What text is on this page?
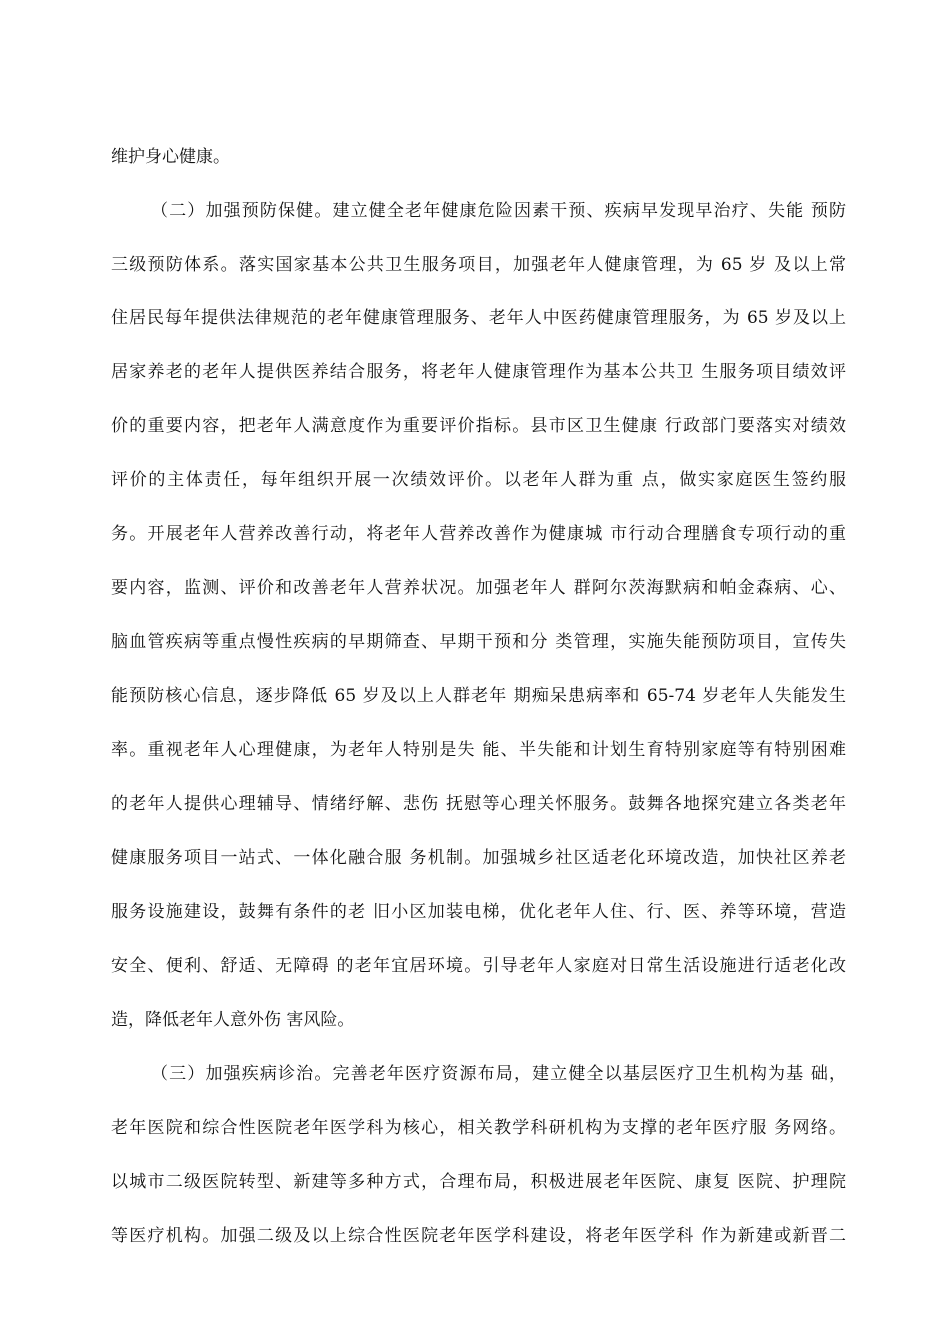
维护身心健康。
（二）加强预防保健。建立健全老年健康危险因素干预、疾病早发现早治疗、失能 预防
三级预防体系。落实国家基本公共卫生服务项目，加强老年人健康管理，为 65 岁 及以上常
住居民每年提供法律规范的老年健康管理服务、老年人中医药健康管理服务，为 65 岁及以上
居家养老的老年人提供医养结合服务，将老年人健康管理作为基本公共卫 生服务项目绩效评
价的重要内容，把老年人满意度作为重要评价指标。县市区卫生健康 行政部门要落实对绩效
评价的主体责任，每年组织开展一次绩效评价。以老年人群为重 点，做实家庭医生签约服
务。开展老年人营养改善行动，将老年人营养改善作为健康城 市行动合理膳食专项行动的重
要内容，监测、评价和改善老年人营养状况。加强老年人 群阿尔茨海默病和帕金森病、心、
脑血管疾病等重点慢性疾病的早期筛查、早期干预和分 类管理，实施失能预防项目，宣传失
能预防核心信息，逐步降低 65 岁及以上人群老年 期痴呆患病率和 65-74 岁老年人失能发生
率。重视老年人心理健康，为老年人特别是失 能、半失能和计划生育特别家庭等有特别困难
的老年人提供心理辅导、情绪纾解、悲伤 抚慰等心理关怀服务。鼓舞各地探究建立各类老年
健康服务项目一站式、一体化融合服 务机制。加强城乡社区适老化环境改造，加快社区养老
服务设施建设，鼓舞有条件的老 旧小区加装电梯，优化老年人住、行、医、养等环境，营造
安全、便利、舒适、无障碍 的老年宜居环境。引导老年人家庭对日常生活设施进行适老化改
造，降低老年人意外伤 害风险。
（三）加强疾病诊治。完善老年医疗资源布局，建立健全以基层医疗卫生机构为基 础，
老年医院和综合性医院老年医学科为核心，相关教学科研机构为支撑的老年医疗服 务网络。
以城市二级医院转型、新建等多种方式，合理布局，积极进展老年医院、康复 医院、护理院
等医疗机构。加强二级及以上综合性医院老年医学科建设，将老年医学科 作为新建或新晋二
